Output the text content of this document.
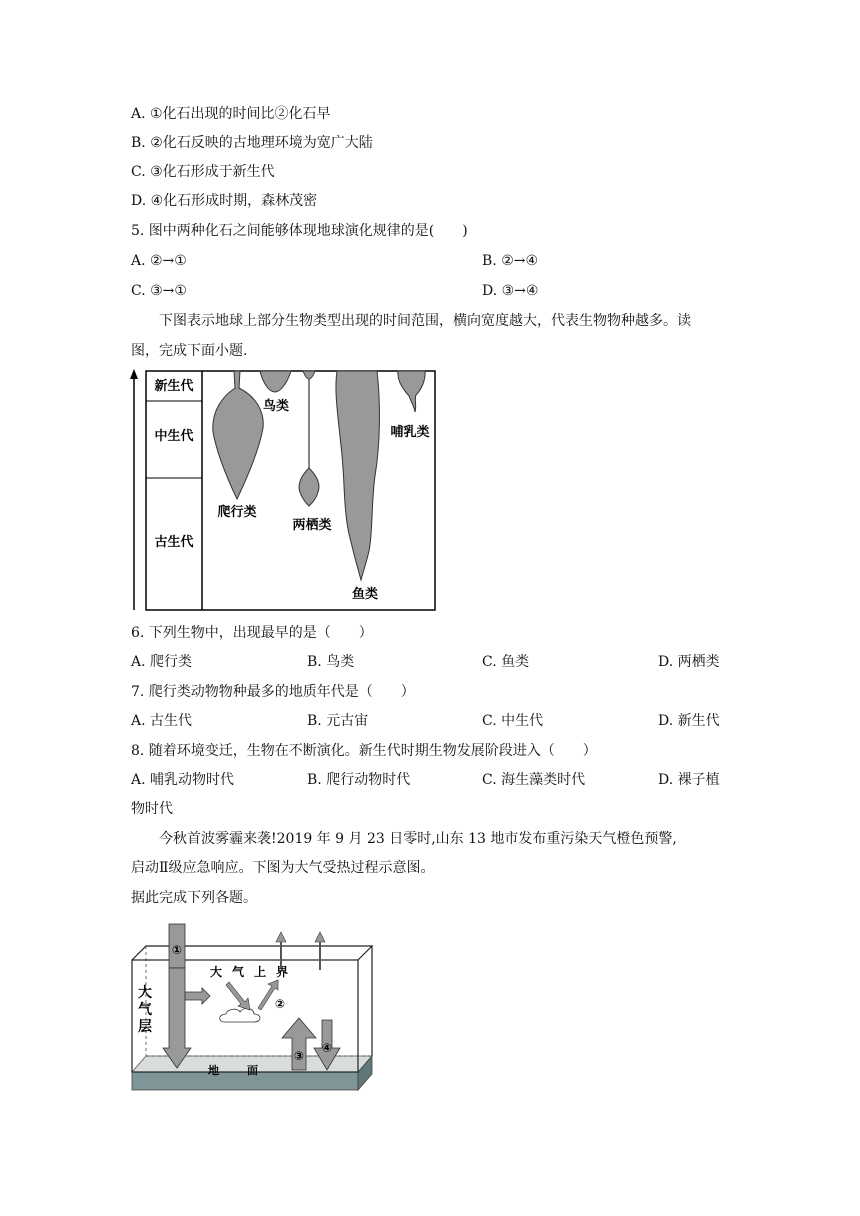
A. ①化石出现的时间比②化石早
B. ②化石反映的古地理环境为宽广大陆
C. ③化石形成于新生代
D. ④化石形成时期，森林茂密
5. 图中两种化石之间能够体现地球演化规律的是(　　)
A. ②→①	B. ②→④
C. ③→①	D. ③→④
下图表示地球上部分生物类型出现的时间范围，横向宽度越大，代表生物物种越多。读
图，完成下面小题.
新生代
中生代
古生代
鸟类
哺乳类
爬行类
两栖类
鱼类
6. 下列生物中，出现最早的是（　　）
A. 爬行类	B. 鸟类	C. 鱼类	D. 两栖类
7. 爬行类动物物种最多的地质年代是（　　）
A. 古生代	B. 元古宙	C. 中生代	D. 新生代
8. 随着环境变迁，生物在不断演化。新生代时期生物发展阶段进入（　　）
A. 哺乳动物时代	B. 爬行动物时代	C. 海生藻类时代	D. 裸子植
物时代
今秋首波雾霾来袭!2019 年 9 月 23 日零时,山东 13 地市发布重污染天气橙色预警,
启动Ⅱ级应急响应。下图为大气受热过程示意图。
据此完成下列各题。
①
大气上界
②
③
④
大气层
地面
